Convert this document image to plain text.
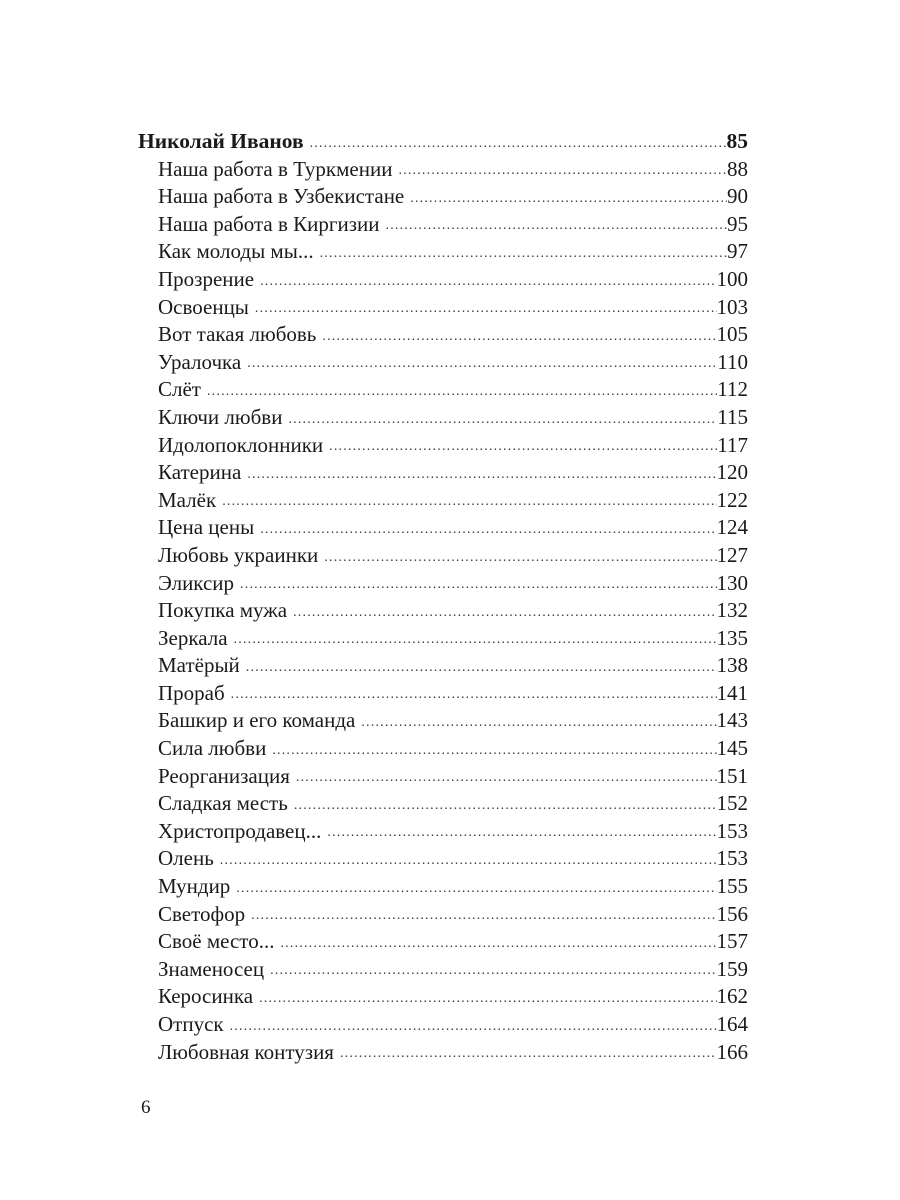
Николай Иванов .....	85
Наша работа в Туркмении .....	88
Наша работа в Узбекистане .....	90
Наша работа в Киргизии .....	95
Как молоды мы... .....	97
Прозрение .....	100
Освоенцы .....	103
Вот такая любовь .....	105
Уралочка .....	110
Слёт .....	112
Ключи любви .....	115
Идолопоклонники .....	117
Катерина .....	120
Малёк .....	122
Цена цены .....	124
Любовь украинки .....	127
Эликсир .....	130
Покупка мужа .....	132
Зеркала .....	135
Матёрый .....	138
Прораб .....	141
Башкир и его команда .....	143
Сила любви .....	145
Реорганизация .....	151
Сладкая месть .....	152
Христопродавец... .....	153
Олень .....	153
Мундир .....	155
Светофор .....	156
Своё место... .....	157
Знаменосец .....	159
Керосинка .....	162
Отпуск .....	164
Любовная контузия .....	166
6
